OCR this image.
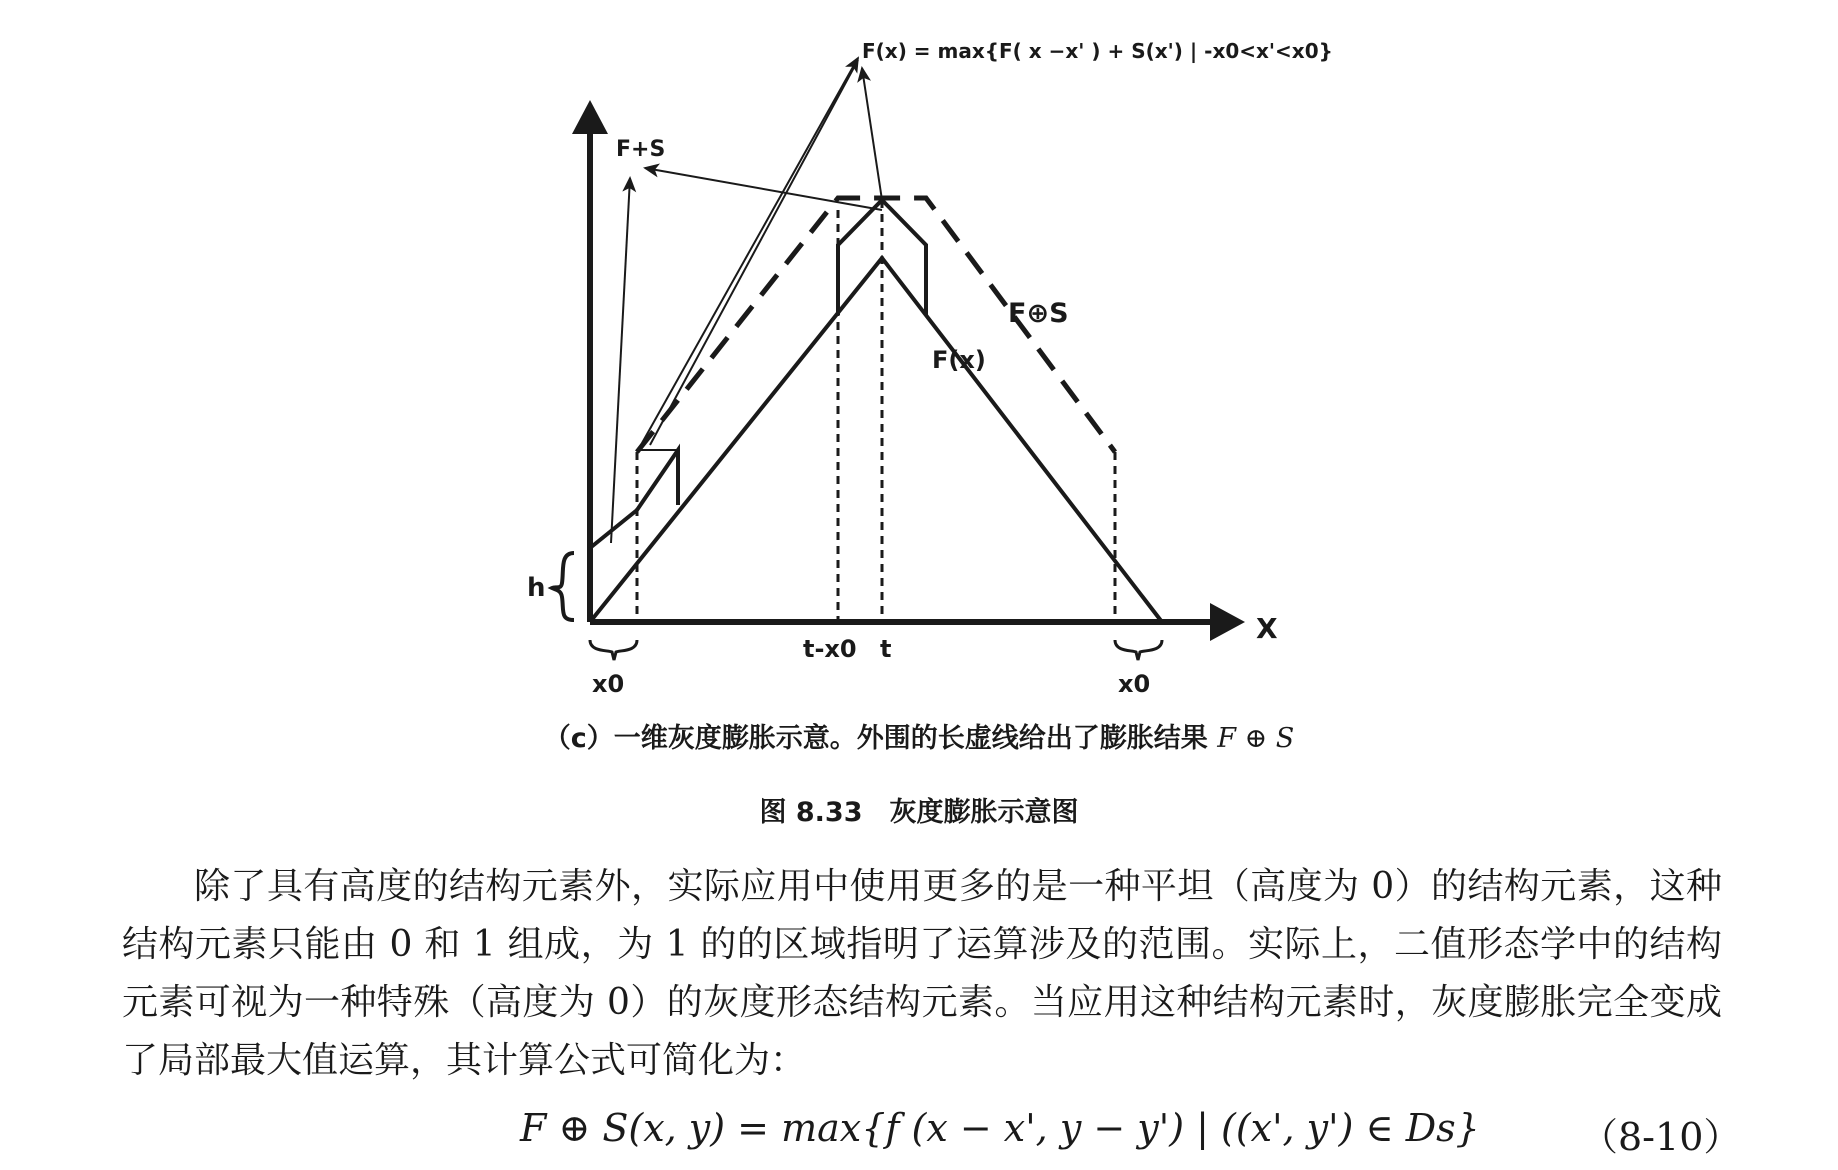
F(x) = max{F( x −x' ) + S(x') | -x0<x'<x0}
F+S
F⊕S
F(x)
h
X
x0
t-x0 t
x0
（c）一维灰度膨胀示意。外围的长虚线给出了膨胀结果 F ⊕ S
图 8.33　灰度膨胀示意图

除了具有高度的结构元素外，实际应用中使用更多的是一种平坦（高度为 0）的结构元素，这种结构元素只能由 0 和 1 组成，为 1 的的区域指明了运算涉及的范围。实际上，二值形态学中的结构元素可视为一种特殊（高度为 0）的灰度形态结构元素。当应用这种结构元素时，灰度膨胀完全变成了局部最大值运算，其计算公式可简化为：

F ⊕ S(x, y) = max{f (x − x', y − y') | ((x', y') ∈ Ds}	（8-10）
